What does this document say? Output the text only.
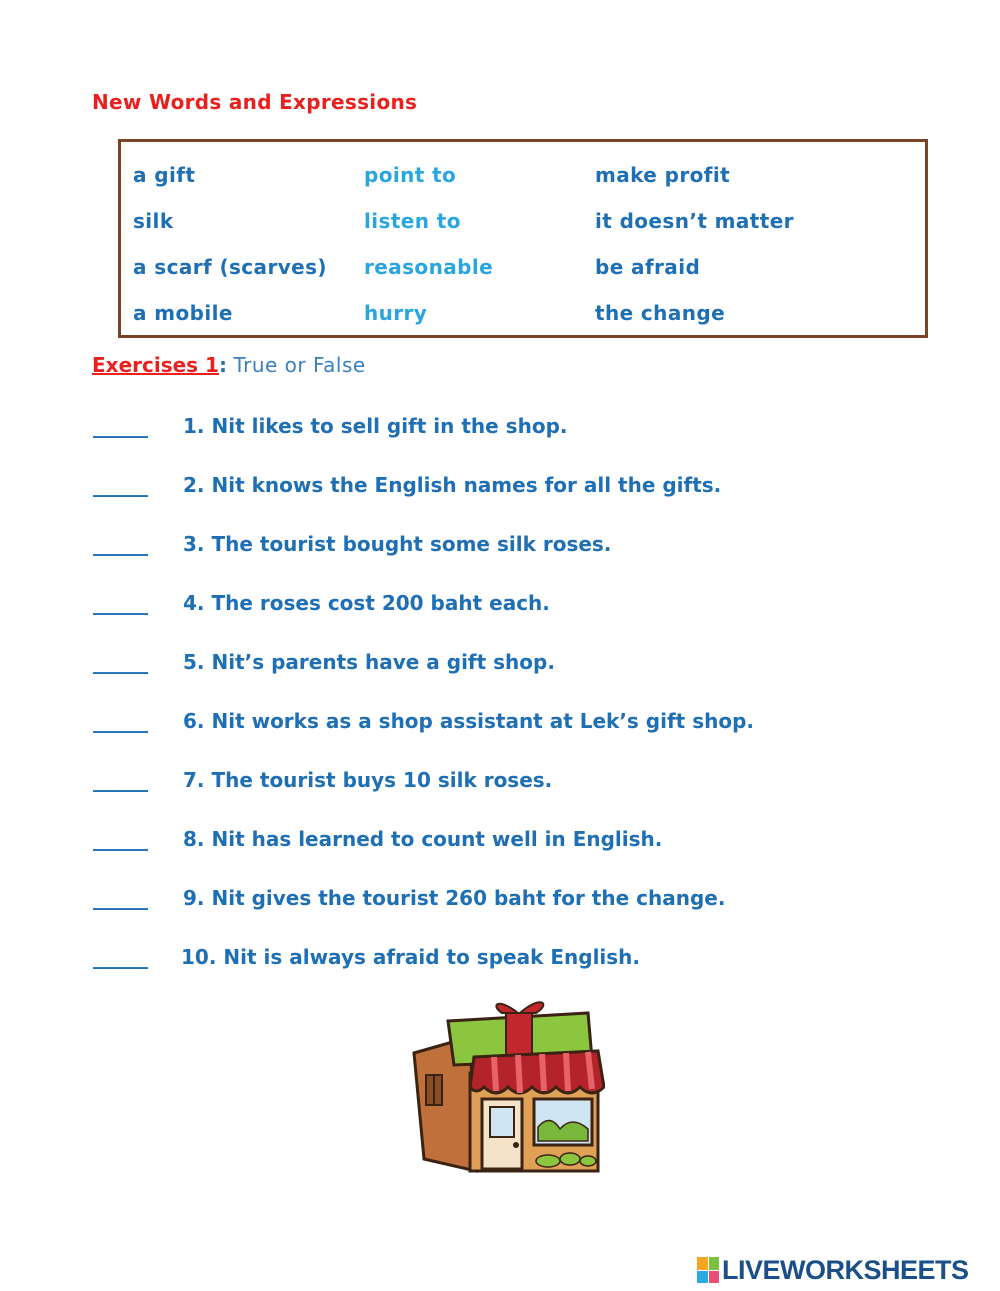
New Words and Expressions
a gift
silk
a scarf (scarves)
a mobile
point to
listen to
reasonable
hurry
make profit
it doesn’t matter
be afraid
the change
Exercises 1: True or False
______ 1. Nit likes to sell gift in the shop.
______ 2. Nit knows the English names for all the gifts.
______ 3. The tourist bought some silk roses.
______ 4. The roses cost 200 baht each.
______ 5. Nit’s parents have a gift shop.
______ 6. Nit works as a shop assistant at Lek’s gift shop.
______ 7. The tourist buys 10 silk roses.
______ 8. Nit has learned to count well in English.
______ 9. Nit gives the tourist 260 baht for the change.
______ 10. Nit is always afraid to speak English.
LIVEWORKSHEETS
